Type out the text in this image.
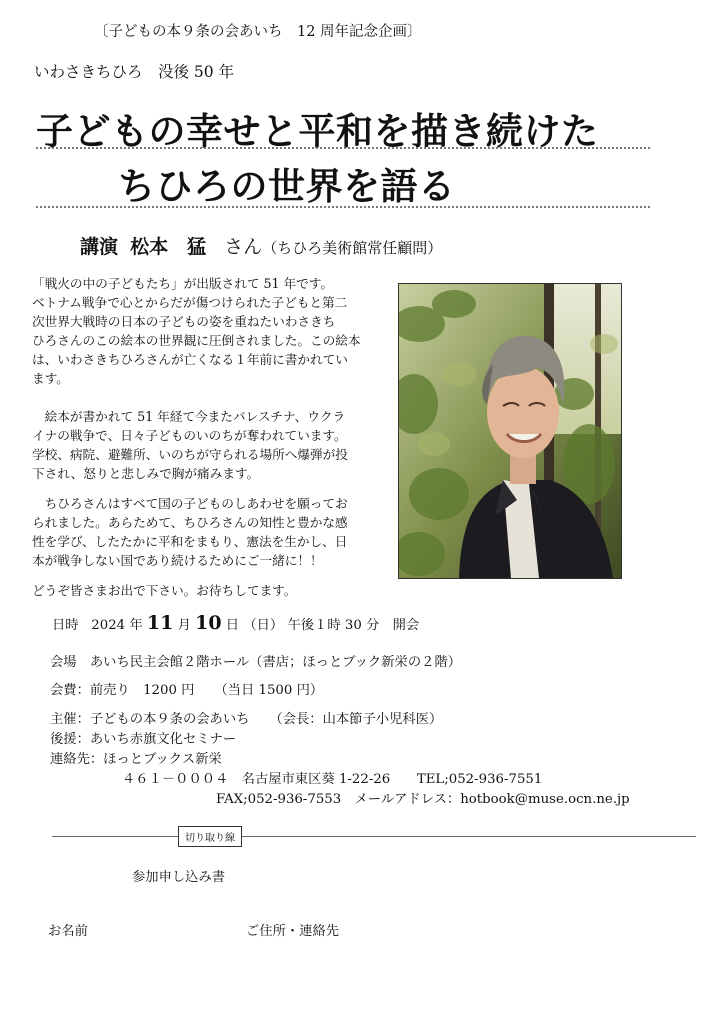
〔子どもの本９条の会あいち　12 周年記念企画〕
いわさきちひろ　没後 50 年
子どもの幸せと平和を描き続けた
ちひろの世界を語る
講演 松本　猛 さん（ちひろ美術館常任顧問）
「戦火の中の子どもたち」が出版されて 51 年です。
ベトナム戦争で心とからだが傷つけられた子どもと第二
次世界大戦時の日本の子どもの姿を重ねたいわさきち
ひろさんのこの絵本の世界観に圧倒されました。この絵本
は、いわさきちひろさんが亡くなる１年前に書かれてい
ます。
　絵本が書かれて 51 年経て今またパレスチナ、ウクラ
イナの戦争で、日々子どものいのちが奪われています。
学校、病院、避難所、いのちが守られる場所へ爆弾が投
下され、怒りと悲しみで胸が痛みます。
　ちひろさんはすべて国の子どものしあわせを願ってお
られました。あらためて、ちひろさんの知性と豊かな感
性を学び、したたかに平和をまもり、憲法を生かし、日
本が戦争しない国であり続けるためにご一緒に！！
どうぞ皆さまお出で下さい。お待ちしてます。
日時 2024 年 11 月 10 日 （日） 午後１時 30 分　開会
会場　あいち民主会館２階ホール（書店；ほっとブック新栄の２階）
会費：前売り　1200 円　　（当日 1500 円）
主催：子どもの本９条の会あいち　　（会長：山本節子小児科医）
後援：あいち赤旗文化セミナー
連絡先：ほっとブックス新栄
４６１－０００４　名古屋市東区葵 1-22-26　　TEL;052-936-7551
FAX;052-936-7553　メールアドレス：hotbook@muse.ocn.ne.jp
切り取り線
参加申し込み書
お名前	ご住所・連絡先
